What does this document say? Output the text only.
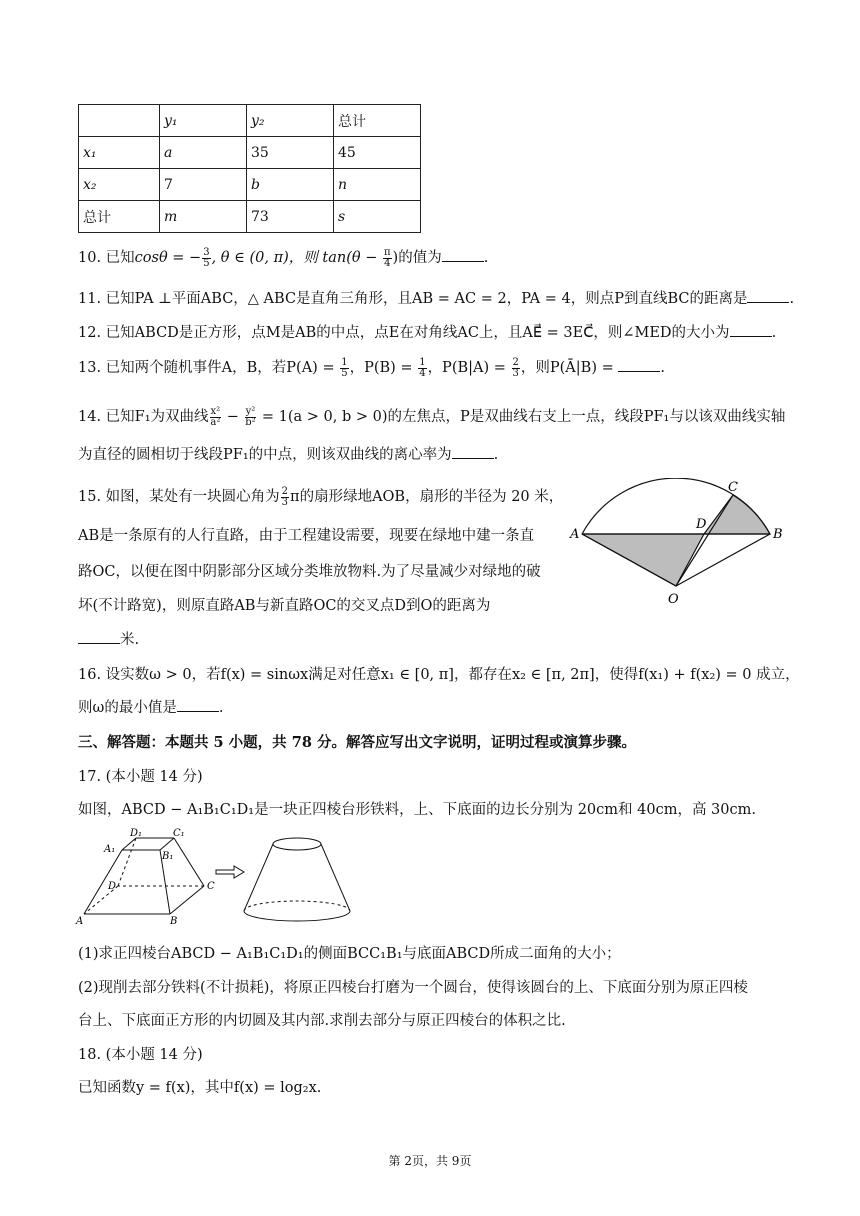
	y₁	y₂	总计
x₁	a	35	45
x₂	7	b	n
总计	m	73	s
10. 已知cosθ = − $\frac{3}{5}$ , θ ∈ (0, π)，则 $\tan(\theta - \frac{\pi}{4}$ )的值为	.
11. 已知PA ⊥平面ABC，△ ABC是直角三角形，且AB = AC = 2，PA = 4，则点P到直线BC的距离是	.
12. 已知ABCD是正方形，点M是AB的中点，点E在对角线AC上，且AE⃗ = 3EC⃗，则∠MED的大小为	.
13. 已知两个随机事件A，B，若$P(A) = \frac{1}{5}$ ，$P(B) = \frac{1}{4}$ ，$P(B|A) = \frac{2}{3}$ ，则P(Ā|B) =	.
14. 已知F₁为双曲线 $\frac{\text{x²}}{\text{a²}} - \frac{\text{y²}}{\text{b²}} = 1(a > 0$, b > 0)的左焦点，P是双曲线右支上一点，线段PF₁与以该双曲线实轴
为直径的圆相切于线段PF₁的中点，则该双曲线的离心率为	.
15. 如图，某处有一块圆心角为 $\frac{2}{3}$ π的扇形绿地AOB，扇形的半径为 20 米，
AB是一条原有的人行直路，由于工程建设需要，现要在绿地中建一条直
路OC，以便在图中阴影部分区域分类堆放物料.为了尽量减少对绿地的破
坏(不计路宽)，则原直路AB与新直路OC的交叉点D到O的距离为
米.
A	B
C
D
O
16. 设实数ω > 0，若f(x) = sinωx满足对任意x₁ ∈ [0, π]，都存在x₂ ∈ [π, 2π]，使得f(x₁) + f(x₂) = 0 成立，
则ω的最小值是	.
三、解答题：本题共 5 小题，共 78 分。解答应写出文字说明，证明过程或演算步骤。
17. (本小题 14 分)
如图，ABCD − A₁B₁C₁D₁是一块正四棱台形铁料，上、下底面的边长分别为 20cm和 40cm，高 30cm.
A	B
C
D
A₁
B₁
C₁
D₁
(1)求正四棱台ABCD − A₁B₁C₁D₁的侧面BCC₁B₁与底面ABCD所成二面角的大小；
(2)现削去部分铁料(不计损耗)，将原正四棱台打磨为一个圆台，使得该圆台的上、下底面分别为原正四棱
台上、下底面正方形的内切圆及其内部.求削去部分与原正四棱台的体积之比.
18. (本小题 14 分)
已知函数y = f(x)，其中f(x) = log₂x.
第 2页，共 9页
